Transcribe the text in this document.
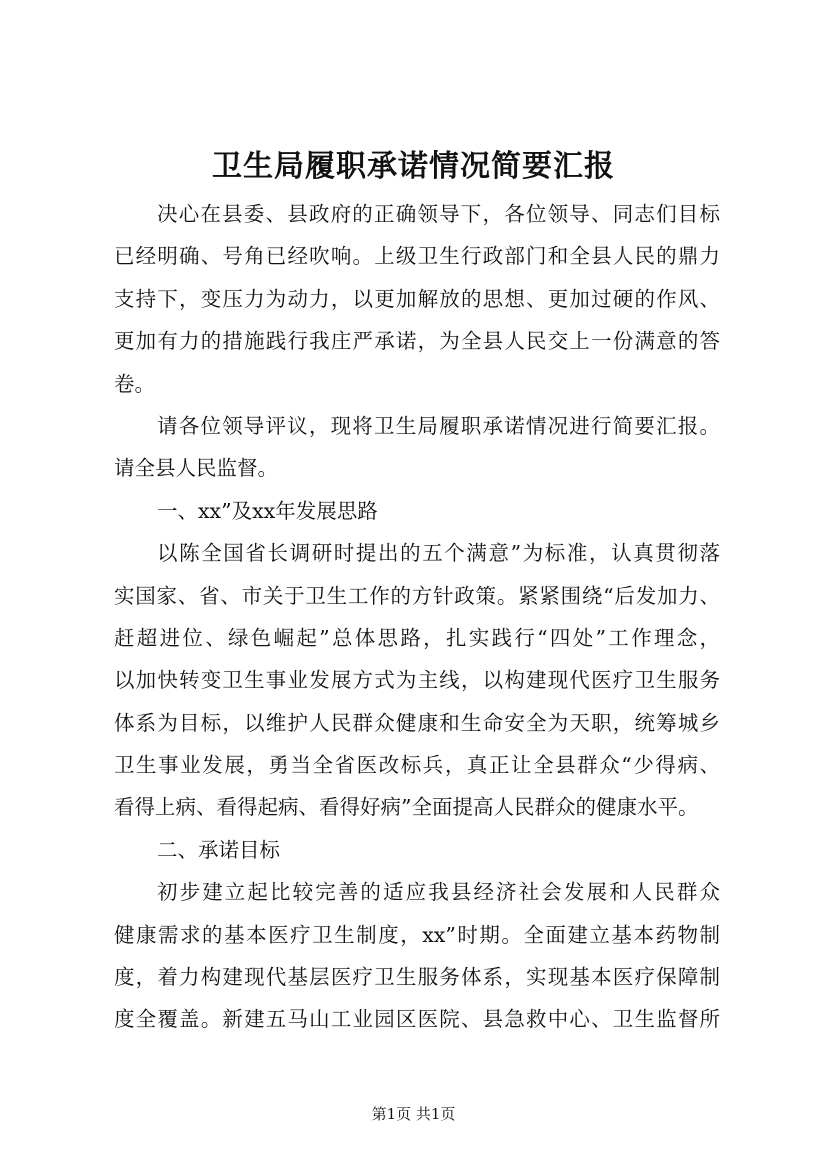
卫生局履职承诺情况简要汇报
决心在县委、县政府的正确领导下，各位领导、同志们目标
已经明确、号角已经吹响。上级卫生行政部门和全县人民的鼎力
支持下，变压力为动力，以更加解放的思想、更加过硬的作风、
更加有力的措施践行我庄严承诺，为全县人民交上一份满意的答
卷。
请各位领导评议，现将卫生局履职承诺情况进行简要汇报。
请全县人民监督。
一、xx”及xx年发展思路
以陈全国省长调研时提出的五个满意”为标准，认真贯彻落
实国家、省、市关于卫生工作的方针政策。紧紧围绕“后发加力、
赶超进位、绿色崛起”总体思路，扎实践行“四处”工作理念，
以加快转变卫生事业发展方式为主线，以构建现代医疗卫生服务
体系为目标，以维护人民群众健康和生命安全为天职，统筹城乡
卫生事业发展，勇当全省医改标兵，真正让全县群众“少得病、
看得上病、看得起病、看得好病”全面提高人民群众的健康水平。
二、承诺目标
初步建立起比较完善的适应我县经济社会发展和人民群众
健康需求的基本医疗卫生制度，xx”时期。全面建立基本药物制
度，着力构建现代基层医疗卫生服务体系，实现基本医疗保障制
度全覆盖。新建五马山工业园区医院、县急救中心、卫生监督所
第1页 共1页
